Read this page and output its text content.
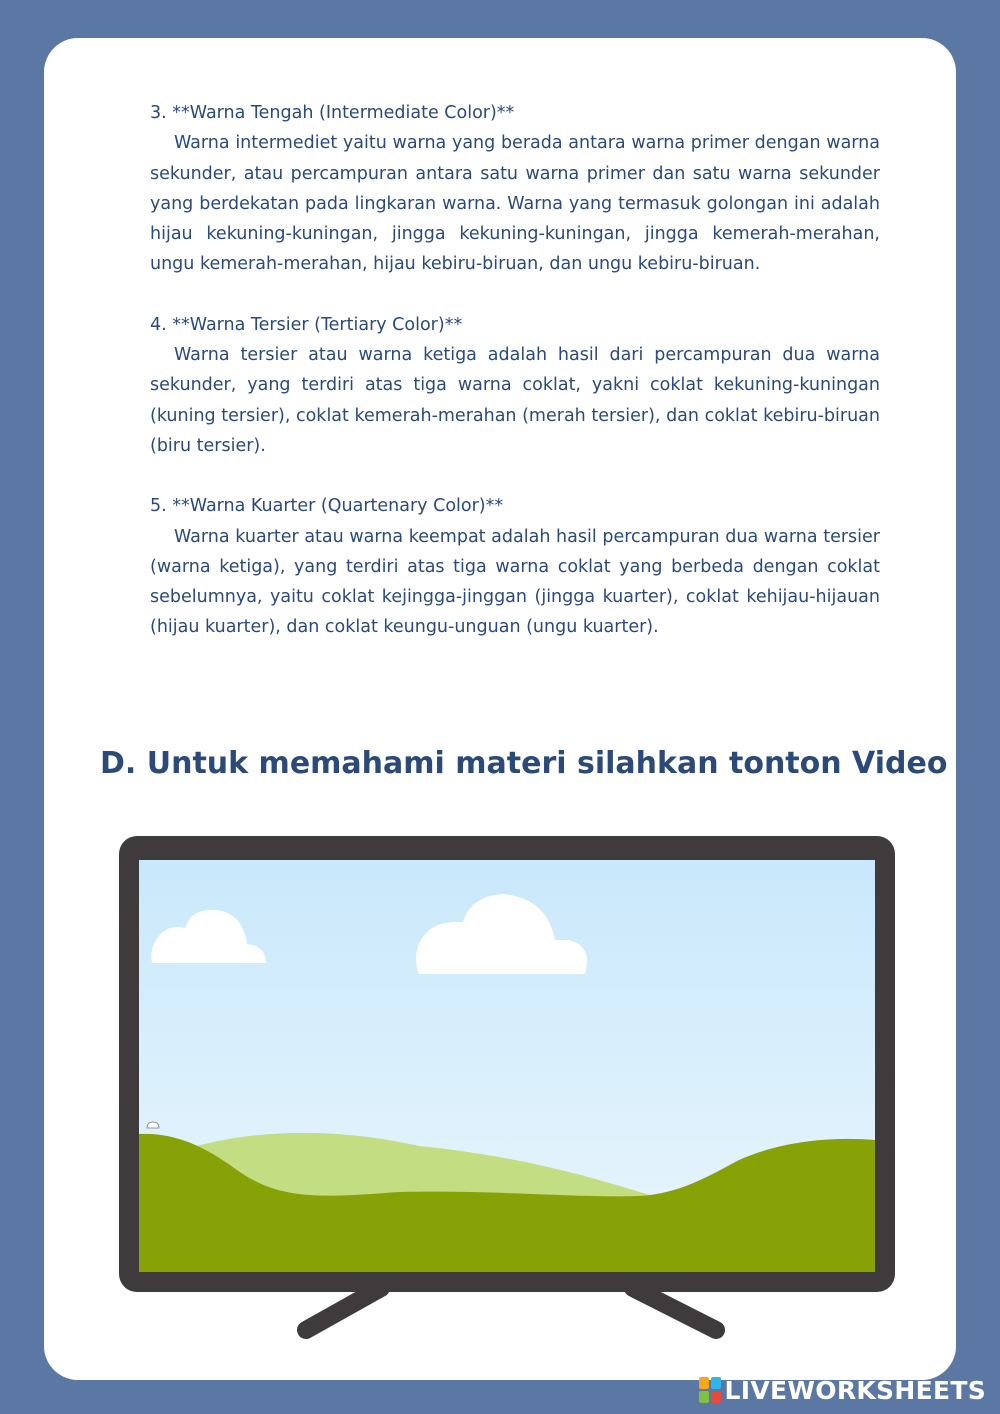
3. **Warna Tengah (Intermediate Color)**
Warna intermediet yaitu warna yang berada antara warna primer dengan warna sekunder, atau percampuran antara satu warna primer dan satu warna sekunder yang berdekatan pada lingkaran warna. Warna yang termasuk golongan ini adalah hijau kekuning-kuningan, jingga kekuning-kuningan, jingga kemerah-merahan, ungu kemerah-merahan, hijau kebiru-biruan, dan ungu kebiru-biruan.
4. **Warna Tersier (Tertiary Color)**
Warna tersier atau warna ketiga adalah hasil dari percampuran dua warna sekunder, yang terdiri atas tiga warna coklat, yakni coklat kekuning-kuningan (kuning tersier), coklat kemerah-merahan (merah tersier), dan coklat kebiru-biruan (biru tersier).
5. **Warna Kuarter (Quartenary Color)**
Warna kuarter atau warna keempat adalah hasil percampuran dua warna tersier (warna ketiga), yang terdiri atas tiga warna coklat yang berbeda dengan coklat sebelumnya, yaitu coklat kejingga-jinggan (jingga kuarter), coklat kehijau-hijauan (hijau kuarter), dan coklat keungu-unguan (ungu kuarter).
D. Untuk memahami materi silahkan tonton Video
LIVEWORKSHEETS
